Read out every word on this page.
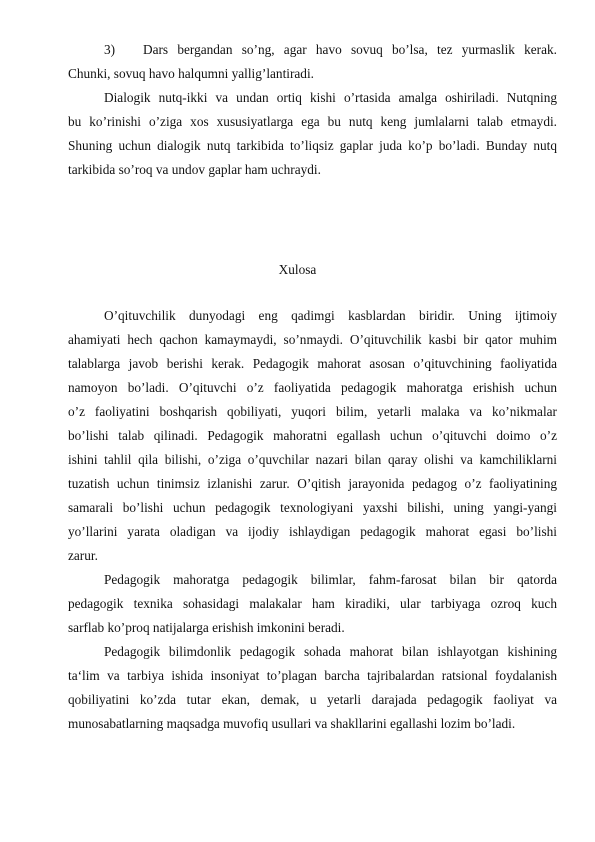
3) Dars bergandan so’ng, agar havo sovuq bo’lsa, tez yurmaslik kerak.
Chunki, sovuq havo halqumni yallig’lantiradi.
Dialogik nutq-ikki va undan ortiq kishi o’rtasida amalga oshiriladi. Nutqning
bu ko’rinishi o’ziga xos xususiyatlarga ega bu nutq keng jumlalarni talab etmaydi.
Shuning uchun dialogik nutq tarkibida to’liqsiz gaplar juda ko’p bo’ladi. Bunday nutq
tarkibida so’roq va undov gaplar ham uchraydi.
Xulosa
O’qituvchilik dunyodagi eng qadimgi kasblardan biridir. Uning ijtimoiy
ahamiyati hech qachon kamaymaydi, so’nmaydi. O’qituvchilik kasbi bir qator muhim
talablarga javob berishi kerak. Pedagogik mahorat asosan o’qituvchining faoliyatida
namoyon bo’ladi. O’qituvchi o’z faoliyatida pedagogik mahoratga erishish uchun
o’z faoliyatini boshqarish qobiliyati, yuqori bilim, yetarli malaka va ko’nikmalar
bo’lishi talab qilinadi. Pedagogik mahoratni egallash uchun o’qituvchi doimo o’z
ishini tahlil qila bilishi, o’ziga o’quvchilar nazari bilan qaray olishi va kamchiliklarni
tuzatish uchun tinimsiz izlanishi zarur. O’qitish jarayonida pedagog o’z faoliyatining
samarali bo’lishi uchun pedagogik texnologiyani yaxshi bilishi, uning yangi-yangi
yo’llarini yarata oladigan va ijodiy ishlaydigan pedagogik mahorat egasi bo’lishi
zarur.
Pedagogik mahoratga pedagogik bilimlar, fahm-farosat bilan bir qatorda
pedagogik texnika sohasidagi malakalar ham kiradiki, ular tarbiyaga ozroq kuch
sarflab ko’proq natijalarga erishish imkonini beradi.
Pedagogik bilimdonlik pedagogik sohada mahorat bilan ishlayotgan kishining
ta‘lim va tarbiya ishida insoniyat to’plagan barcha tajribalardan ratsional foydalanish
qobiliyatini ko’zda tutar ekan, demak, u yetarli darajada pedagogik faoliyat va
munosabatlarning maqsadga muvofiq usullari va shakllarini egallashi lozim bo’ladi.
